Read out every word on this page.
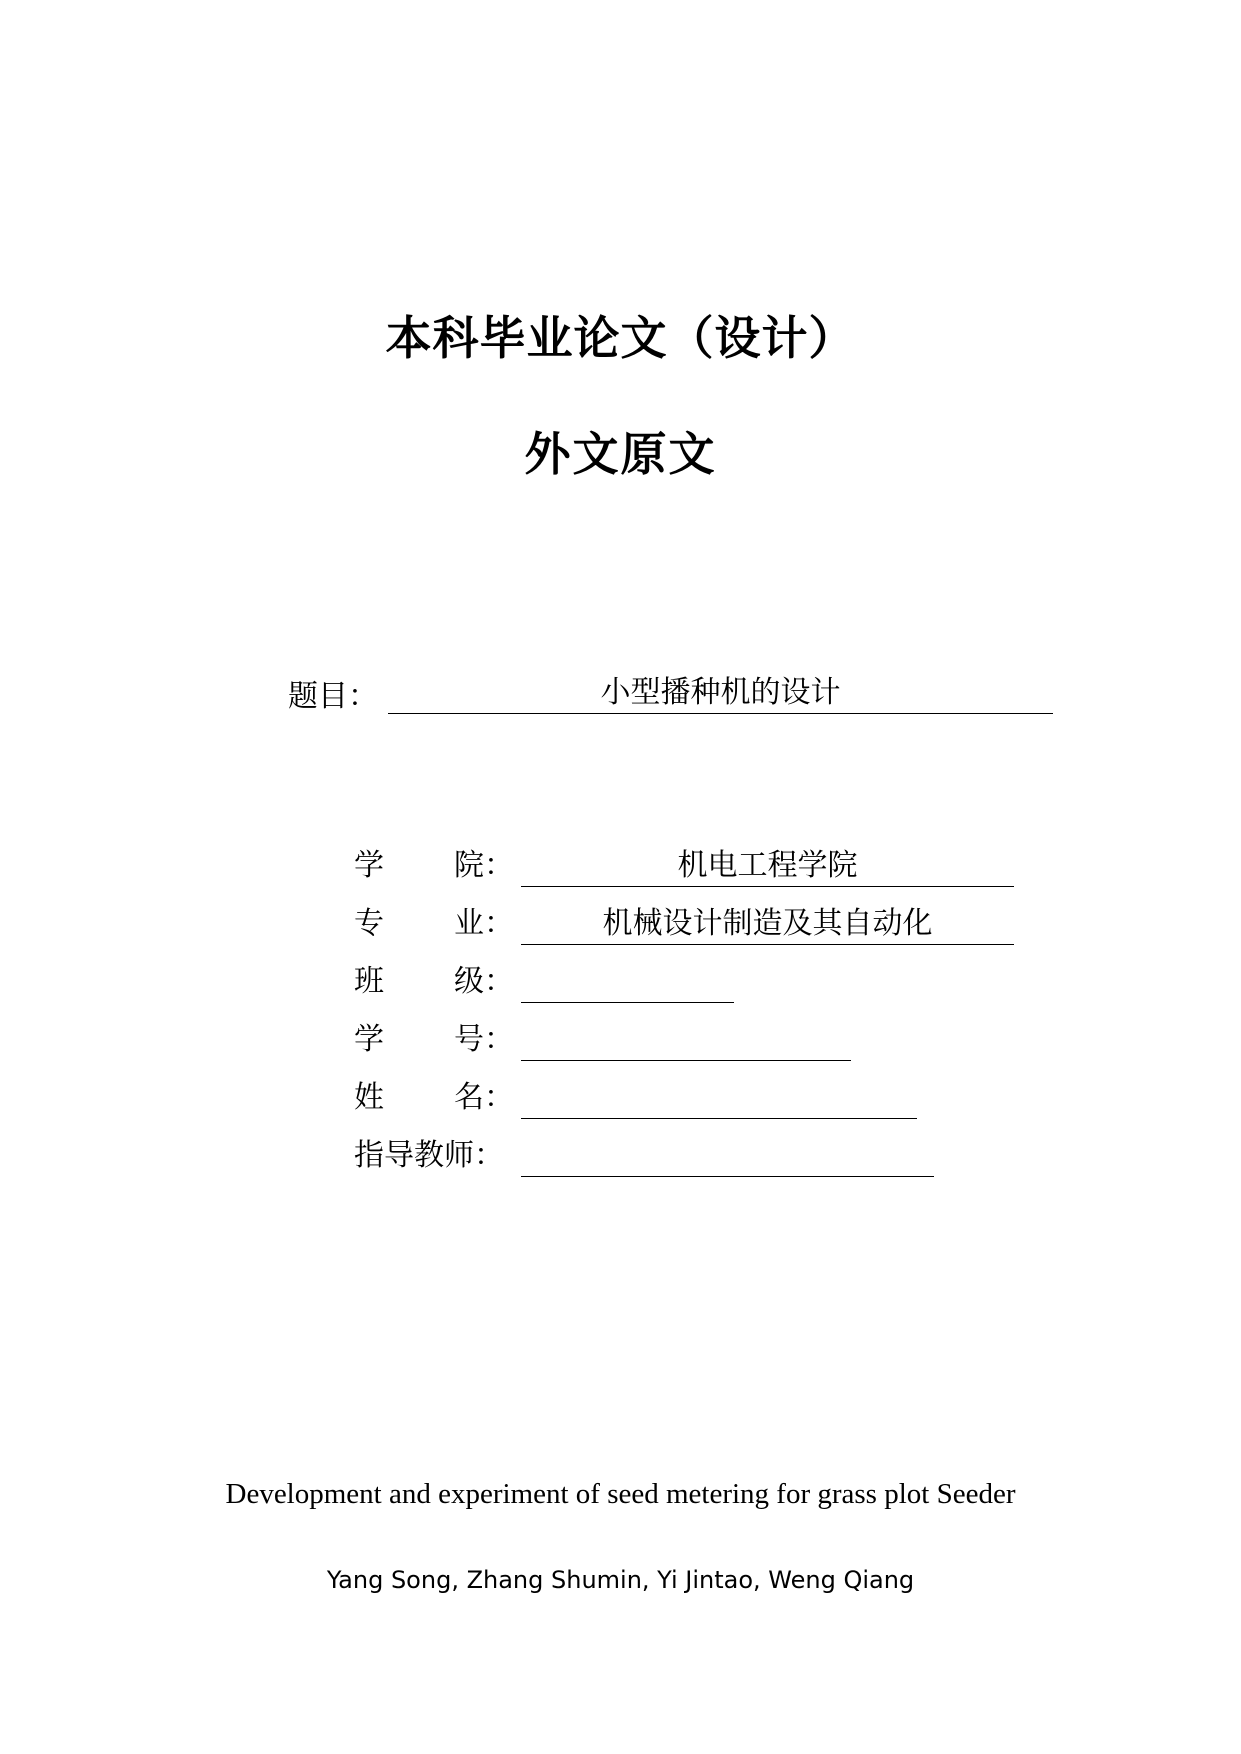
本科毕业论文（设计）
外文原文
题目：	小型播种机的设计
学 院 ：	机电工程学院
专 业 ：	机械设计制造及其自动化
班 级 ：
学 号 ：
姓 名 ：
指导教师：
Development and experiment of seed metering for grass plot Seeder
Yang Song, Zhang Shumin, Yi Jintao, Weng Qiang
